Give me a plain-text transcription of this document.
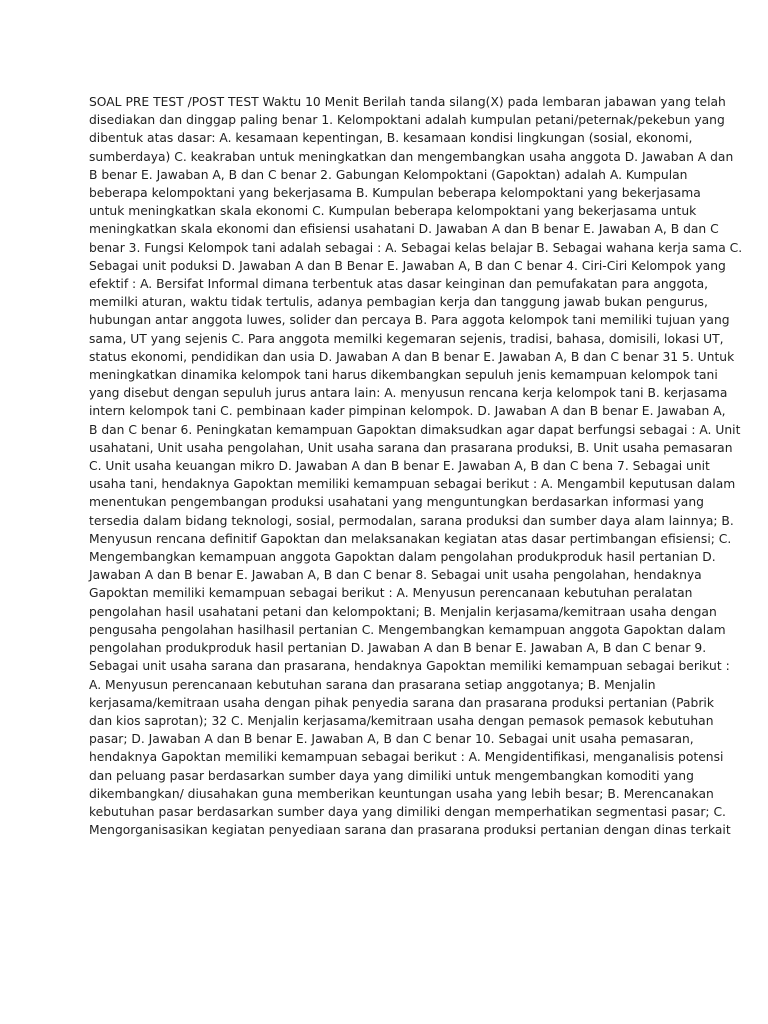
SOAL PRE TEST /POST TEST Waktu 10 Menit Berilah tanda silang(X) pada lembaran jabawan yang telah
disediakan dan dinggap paling benar 1. Kelompoktani adalah kumpulan petani/peternak/pekebun yang
dibentuk atas dasar: A. kesamaan kepentingan, B. kesamaan kondisi lingkungan (sosial, ekonomi,
sumberdaya) C. keakraban untuk meningkatkan dan mengembangkan usaha anggota D. Jawaban A dan
B benar E. Jawaban A, B dan C benar 2. Gabungan Kelompoktani (Gapoktan) adalah A. Kumpulan
beberapa kelompoktani yang bekerjasama B. Kumpulan beberapa kelompoktani yang bekerjasama
untuk meningkatkan skala ekonomi C. Kumpulan beberapa kelompoktani yang bekerjasama untuk
meningkatkan skala ekonomi dan efisiensi usahatani D. Jawaban A dan B benar E. Jawaban A, B dan C
benar 3. Fungsi Kelompok tani adalah sebagai : A. Sebagai kelas belajar B. Sebagai wahana kerja sama C.
Sebagai unit poduksi D. Jawaban A dan B Benar E. Jawaban A, B dan C benar 4. Ciri-Ciri Kelompok yang
efektif : A. Bersifat Informal dimana terbentuk atas dasar keinginan dan pemufakatan para anggota,
memilki aturan, waktu tidak tertulis, adanya pembagian kerja dan tanggung jawab bukan pengurus,
hubungan antar anggota luwes, solider dan percaya B. Para aggota kelompok tani memiliki tujuan yang
sama, UT yang sejenis C. Para anggota memilki kegemaran sejenis, tradisi, bahasa, domisili, lokasi UT,
status ekonomi, pendidikan dan usia D. Jawaban A dan B benar E. Jawaban A, B dan C benar 31 5. Untuk
meningkatkan dinamika kelompok tani harus dikembangkan sepuluh jenis kemampuan kelompok tani
yang disebut dengan sepuluh jurus antara lain: A. menyusun rencana kerja kelompok tani B. kerjasama
intern kelompok tani C. pembinaan kader pimpinan kelompok. D. Jawaban A dan B benar E. Jawaban A,
B dan C benar 6. Peningkatan kemampuan Gapoktan dimaksudkan agar dapat berfungsi sebagai : A. Unit
usahatani, Unit usaha pengolahan, Unit usaha sarana dan prasarana produksi, B. Unit usaha pemasaran
C. Unit usaha keuangan mikro D. Jawaban A dan B benar E. Jawaban A, B dan C bena 7. Sebagai unit
usaha tani, hendaknya Gapoktan memiliki kemampuan sebagai berikut : A. Mengambil keputusan dalam
menentukan pengembangan produksi usahatani yang menguntungkan berdasarkan informasi yang
tersedia dalam bidang teknologi, sosial, permodalan, sarana produksi dan sumber daya alam lainnya; B.
Menyusun rencana definitif Gapoktan dan melaksanakan kegiatan atas dasar pertimbangan efisiensi; C.
Mengembangkan kemampuan anggota Gapoktan dalam pengolahan produkproduk hasil pertanian D.
Jawaban A dan B benar E. Jawaban A, B dan C benar 8. Sebagai unit usaha pengolahan, hendaknya
Gapoktan memiliki kemampuan sebagai berikut : A. Menyusun perencanaan kebutuhan peralatan
pengolahan hasil usahatani petani dan kelompoktani; B. Menjalin kerjasama/kemitraan usaha dengan
pengusaha pengolahan hasilhasil pertanian C. Mengembangkan kemampuan anggota Gapoktan dalam
pengolahan produkproduk hasil pertanian D. Jawaban A dan B benar E. Jawaban A, B dan C benar 9.
Sebagai unit usaha sarana dan prasarana, hendaknya Gapoktan memiliki kemampuan sebagai berikut :
A. Menyusun perencanaan kebutuhan sarana dan prasarana setiap anggotanya; B. Menjalin
kerjasama/kemitraan usaha dengan pihak penyedia sarana dan prasarana produksi pertanian (Pabrik
dan kios saprotan); 32 C. Menjalin kerjasama/kemitraan usaha dengan pemasok pemasok kebutuhan
pasar; D. Jawaban A dan B benar E. Jawaban A, B dan C benar 10. Sebagai unit usaha pemasaran,
hendaknya Gapoktan memiliki kemampuan sebagai berikut : A. Mengidentifikasi, menganalisis potensi
dan peluang pasar berdasarkan sumber daya yang dimiliki untuk mengembangkan komoditi yang
dikembangkan/ diusahakan guna memberikan keuntungan usaha yang lebih besar; B. Merencanakan
kebutuhan pasar berdasarkan sumber daya yang dimiliki dengan memperhatikan segmentasi pasar; C.
Mengorganisasikan kegiatan penyediaan sarana dan prasarana produksi pertanian dengan dinas terkait
